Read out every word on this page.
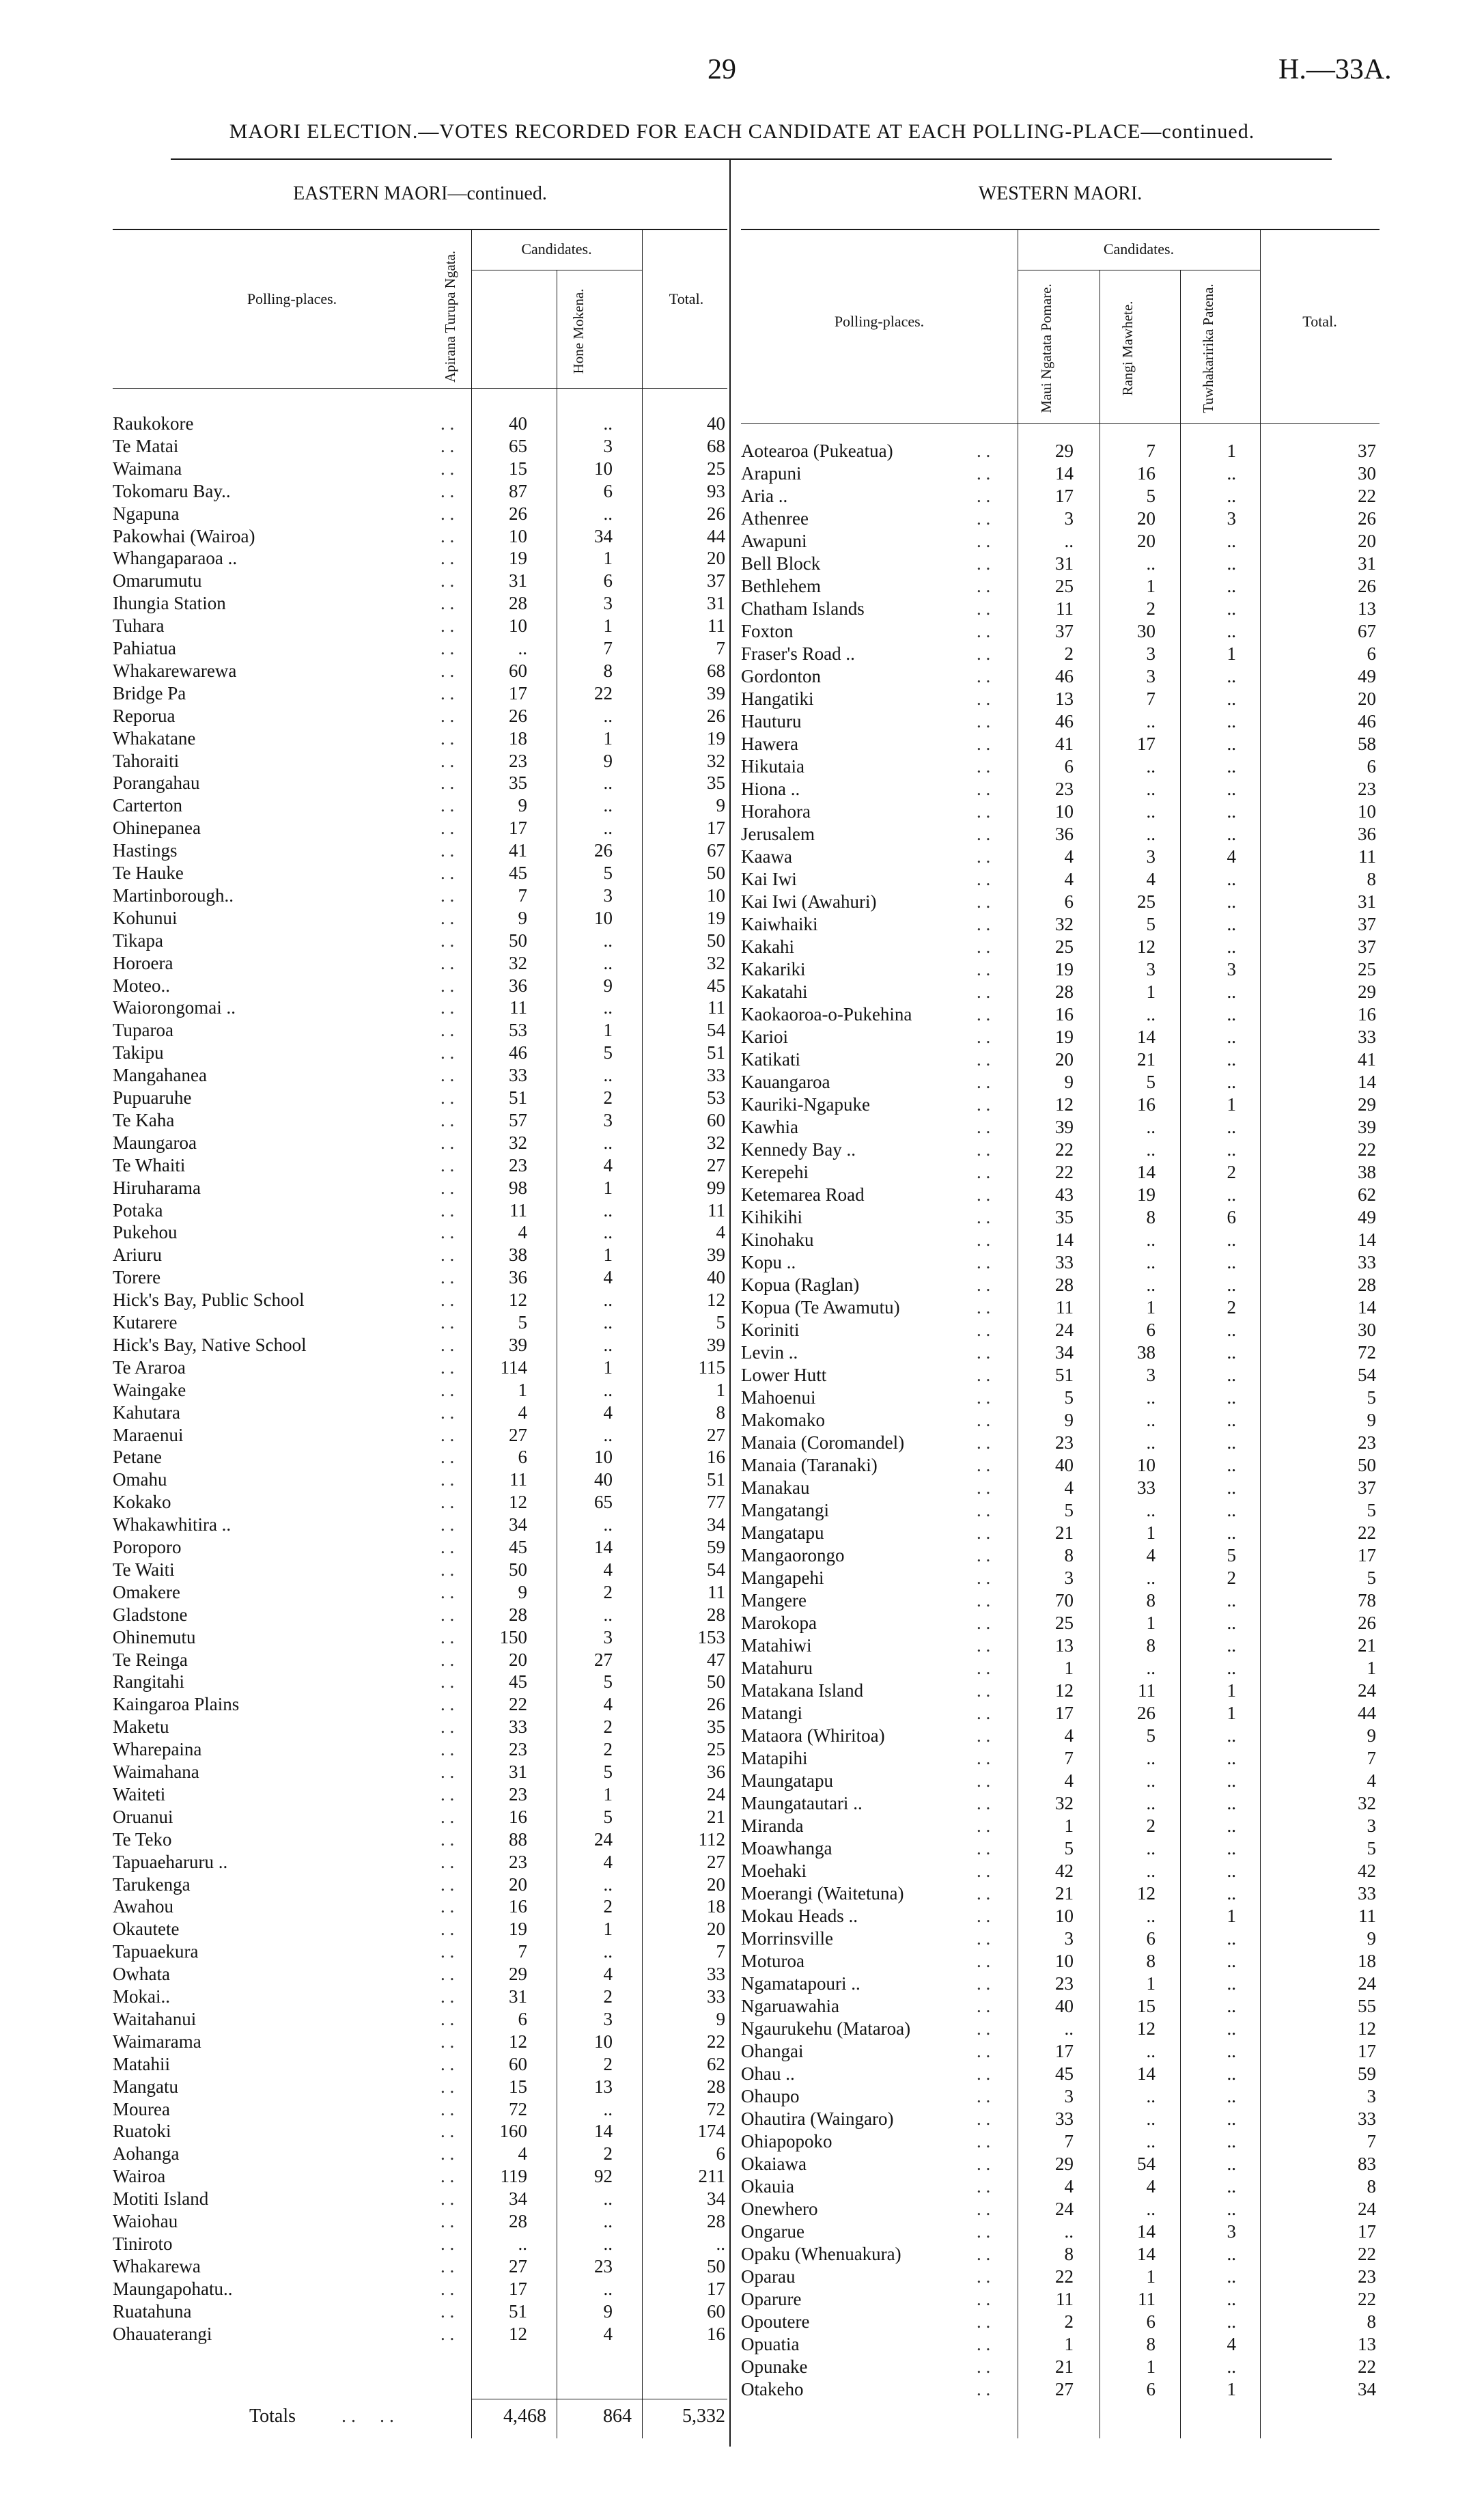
29	H.—33A.
MAORI ELECTION.—VOTES RECORDED FOR EACH CANDIDATE AT EACH POLLING-PLACE—continued.
EASTERN MAORI—continued.
Candidates.
Polling-places.	Total.
Apirana Turupa Ngata.	Hone Mokena.
Raukokore	. .	40	..	40
Te Matai	. .	65	3	68
Waimana	. .	15	10	25
Tokomaru Bay..	. .	87	6	93
Ngapuna	. .	26	..	26
Pakowhai (Wairoa)	. .	10	34	44
Whangaparaoa ..	. .	19	1	20
Omarumutu	. .	31	6	37
Ihungia Station	. .	28	3	31
Tuhara	. .	10	1	11
Pahiatua	. .	..	7	7
Whakarewarewa	. .	60	8	68
Bridge Pa	. .	17	22	39
Reporua	. .	26	..	26
Whakatane	. .	18	1	19
Tahoraiti	. .	23	9	32
Porangahau	. .	35	..	35
Carterton	. .	9	..	9
Ohinepanea	. .	17	..	17
Hastings	. .	41	26	67
Te Hauke	. .	45	5	50
Martinborough..	. .	7	3	10
Kohunui	. .	9	10	19
Tikapa	. .	50	..	50
Horoera	. .	32	..	32
Moteo..	. .	36	9	45
Waiorongomai ..	. .	11	..	11
Tuparoa	. .	53	1	54
Takipu	. .	46	5	51
Mangahanea	. .	33	..	33
Pupuaruhe	. .	51	2	53
Te Kaha	. .	57	3	60
Maungaroa	. .	32	..	32
Te Whaiti	. .	23	4	27
Hiruharama	. .	98	1	99
Potaka	. .	11	..	11
Pukehou	. .	4	..	4
Ariuru	. .	38	1	39
Torere	. .	36	4	40
Hick's Bay, Public School	. .	12	..	12
Kutarere	. .	5	..	5
Hick's Bay, Native School	. .	39	..	39
Te Araroa	. .	114	1	115
Waingake	. .	1	..	1
Kahutara	. .	4	4	8
Maraenui	. .	27	..	27
Petane	. .	6	10	16
Omahu	. .	11	40	51
Kokako	. .	12	65	77
Whakawhitira ..	. .	34	..	34
Poroporo	. .	45	14	59
Te Waiti	. .	50	4	54
Omakere	. .	9	2	11
Gladstone	. .	28	..	28
Ohinemutu	. .	150	3	153
Te Reinga	. .	20	27	47
Rangitahi	. .	45	5	50
Kaingaroa Plains	. .	22	4	26
Maketu	. .	33	2	35
Wharepaina	. .	23	2	25
Waimahana	. .	31	5	36
Waiteti	. .	23	1	24
Oruanui	. .	16	5	21
Te Teko	. .	88	24	112
Tapuaeharuru ..	. .	23	4	27
Tarukenga	. .	20	..	20
Awahou	. .	16	2	18
Okautete	. .	19	1	20
Tapuaekura	. .	7	..	7
Owhata	. .	29	4	33
Mokai..	. .	31	2	33
Waitahanui	. .	6	3	9
Waimarama	. .	12	10	22
Matahii	. .	60	2	62
Mangatu	. .	15	13	28
Mourea	. .	72	..	72
Ruatoki	. .	160	14	174
Aohanga	. .	4	2	6
Wairoa	. .	119	92	211
Motiti Island	. .	34	..	34
Waiohau	. .	28	..	28
Tiniroto	. .	..	..	..
Whakarewa	. .	27	23	50
Maungapohatu..	. .	17	..	17
Ruatahuna	. .	51	9	60
Ohauaterangi	. .	12	4	16
Totals . .     . .	4,468	864	5,332
WESTERN MAORI.
Candidates.
Polling-places.	Total.
Maui Ngatata Pomare.	Rangi Mawhete.	Tuwhakaririka Patena.
Aotearoa (Pukeatua)	. .	29	7	1	37
Arapuni	. .	14	16	..	30
Aria ..	. .	17	5	..	22
Athenree	. .	3	20	3	26
Awapuni	. .	..	20	..	20
Bell Block	. .	31	..	..	31
Bethlehem	. .	25	1	..	26
Chatham Islands	. .	11	2	..	13
Foxton	. .	37	30	..	67
Fraser's Road ..	. .	2	3	1	6
Gordonton	. .	46	3	..	49
Hangatiki	. .	13	7	..	20
Hauturu	. .	46	..	..	46
Hawera	. .	41	17	..	58
Hikutaia	. .	6	..	..	6
Hiona ..	. .	23	..	..	23
Horahora	. .	10	..	..	10
Jerusalem	. .	36	..	..	36
Kaawa	. .	4	3	4	11
Kai Iwi	. .	4	4	..	8
Kai Iwi (Awahuri)	. .	6	25	..	31
Kaiwhaiki	. .	32	5	..	37
Kakahi	. .	25	12	..	37
Kakariki	. .	19	3	3	25
Kakatahi	. .	28	1	..	29
Kaokaoroa-o-Pukehina	. .	16	..	..	16
Karioi	. .	19	14	..	33
Katikati	. .	20	21	..	41
Kauangaroa	. .	9	5	..	14
Kauriki-Ngapuke	. .	12	16	1	29
Kawhia	. .	39	..	..	39
Kennedy Bay ..	. .	22	..	..	22
Kerepehi	. .	22	14	2	38
Ketemarea Road	. .	43	19	..	62
Kihikihi	. .	35	8	6	49
Kinohaku	. .	14	..	..	14
Kopu ..	. .	33	..	..	33
Kopua (Raglan)	. .	28	..	..	28
Kopua (Te Awamutu)	. .	11	1	2	14
Koriniti	. .	24	6	..	30
Levin ..	. .	34	38	..	72
Lower Hutt	. .	51	3	..	54
Mahoenui	. .	5	..	..	5
Makomako	. .	9	..	..	9
Manaia (Coromandel)	. .	23	..	..	23
Manaia (Taranaki)	. .	40	10	..	50
Manakau	. .	4	33	..	37
Mangatangi	. .	5	..	..	5
Mangatapu	. .	21	1	..	22
Mangaorongo	. .	8	4	5	17
Mangapehi	. .	3	..	2	5
Mangere	. .	70	8	..	78
Marokopa	. .	25	1	..	26
Matahiwi	. .	13	8	..	21
Matahuru	. .	1	..	..	1
Matakana Island	. .	12	11	1	24
Matangi	. .	17	26	1	44
Mataora (Whiritoa)	. .	4	5	..	9
Matapihi	. .	7	..	..	7
Maungatapu	. .	4	..	..	4
Maungatautari ..	. .	32	..	..	32
Miranda	. .	1	2	..	3
Moawhanga	. .	5	..	..	5
Moehaki	. .	42	..	..	42
Moerangi (Waitetuna)	. .	21	12	..	33
Mokau Heads ..	. .	10	..	1	11
Morrinsville	. .	3	6	..	9
Moturoa	. .	10	8	..	18
Ngamatapouri ..	. .	23	1	..	24
Ngaruawahia	. .	40	15	..	55
Ngaurukehu (Mataroa)	. .	..	12	..	12
Ohangai	. .	17	..	..	17
Ohau ..	. .	45	14	..	59
Ohaupo	. .	3	..	..	3
Ohautira (Waingaro)	. .	33	..	..	33
Ohiapopoko	. .	7	..	..	7
Okaiawa	. .	29	54	..	83
Okauia	. .	4	4	..	8
Onewhero	. .	24	..	..	24
Ongarue	. .	..	14	3	17
Opaku (Whenuakura)	. .	8	14	..	22
Oparau	. .	22	1	..	23
Oparure	. .	11	11	..	22
Opoutere	. .	2	6	..	8
Opuatia	. .	1	8	4	13
Opunake	. .	21	1	..	22
Otakeho	. .	27	6	1	34
